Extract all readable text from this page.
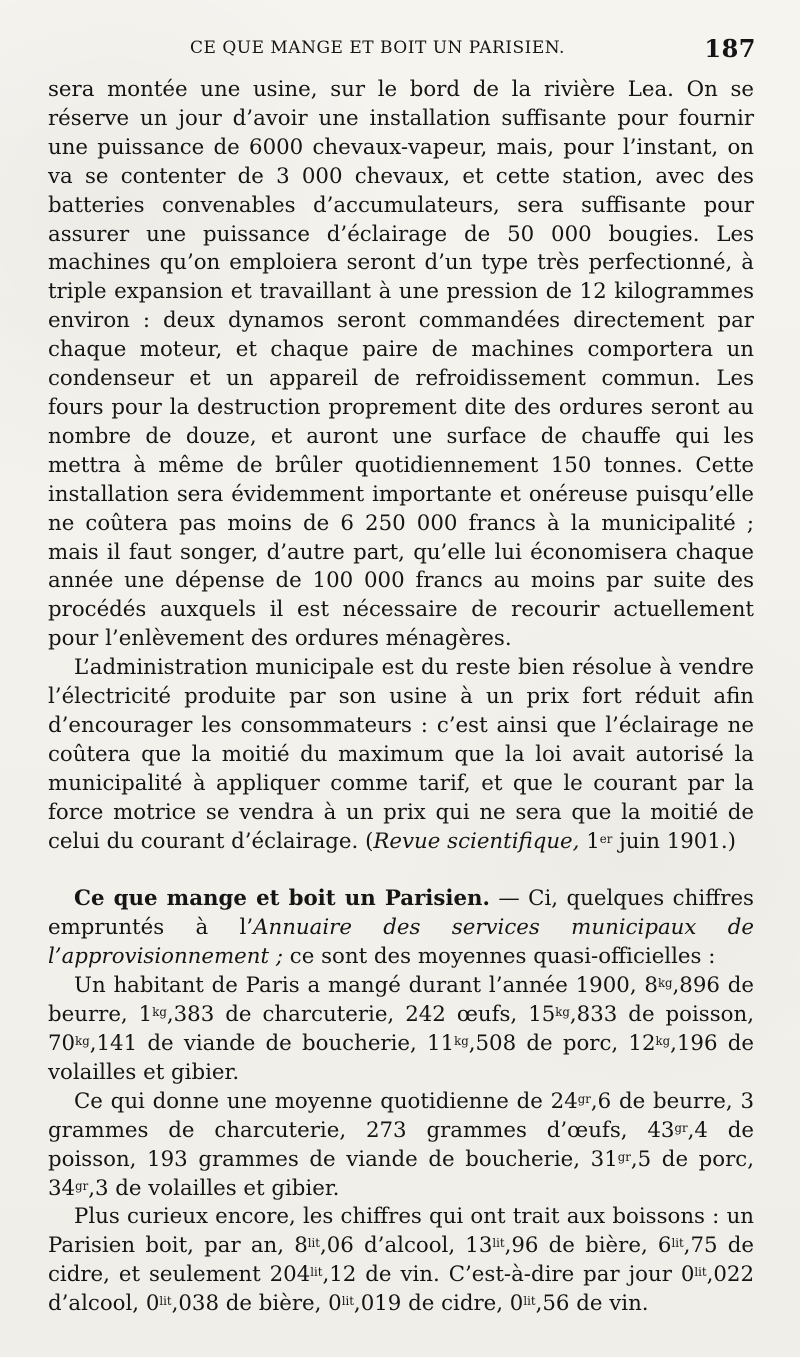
CE QUE MANGE ET BOIT UN PARISIEN.	187

sera montée une usine, sur le bord de la rivière Lea. On se réserve un jour d’avoir une installation suffisante pour fournir une puissance de 6000 chevaux-vapeur, mais, pour l’instant, on va se contenter de 3 000 chevaux, et cette station, avec des batteries convenables d’accumulateurs, sera suffisante pour assurer une puissance d’éclairage de 50 000 bougies. Les machines qu’on emploiera seront d’un type très perfectionné, à triple expansion et travaillant à une pression de 12 kilogrammes environ : deux dynamos seront commandées directement par chaque moteur, et chaque paire de machines comportera un condenseur et un appareil de refroidissement commun. Les fours pour la destruction proprement dite des ordures seront au nombre de douze, et auront une surface de chauffe qui les mettra à même de brûler quotidiennement 150 tonnes. Cette installation sera évidemment importante et onéreuse puisqu’elle ne coûtera pas moins de 6 250 000 francs à la municipalité ; mais il faut songer, d’autre part, qu’elle lui économisera chaque année une dépense de 100 000 francs au moins par suite des procédés auxquels il est nécessaire de recourir actuellement pour l’enlèvement des ordures ménagères.

L’administration municipale est du reste bien résolue à vendre l’électricité produite par son usine à un prix fort réduit afin d’encourager les consommateurs : c’est ainsi que l’éclairage ne coûtera que la moitié du maximum que la loi avait autorisé la municipalité à appliquer comme tarif, et que le courant par la force motrice se vendra à un prix qui ne sera que la moitié de celui du courant d’éclairage. (Revue scientifique, 1er juin 1901.)

Ce que mange et boit un Parisien. — Ci, quelques chiffres empruntés à l’Annuaire des services municipaux de l’approvisionnement ; ce sont des moyennes quasi-officielles :

Un habitant de Paris a mangé durant l’année 1900, $8^{kg},896$ de beurre, $1^{kg},383$ de charcuterie, 242 œufs, $15^{kg},833$ de poisson, $70^{kg},141$ de viande de boucherie, $11^{kg},508$ de porc, $12^{kg},196$ de volailles et gibier.

Ce qui donne une moyenne quotidienne de $24^{gr},6$ de beurre, 3 grammes de charcuterie, 273 grammes d’œufs, $43^{gr},4$ de poisson, 193 grammes de viande de boucherie, $31^{gr},5$ de porc, $34^{gr},3$ de volailles et gibier.

Plus curieux encore, les chiffres qui ont trait aux boissons : un Parisien boit, par an, $8^{lit},06$ d’alcool, $13^{lit},96$ de bière, $6^{lit},75$ de cidre, et seulement $204^{lit},12$ de vin. C’est-à-dire par jour $0^{lit},022$ d’alcool, $0^{lit},038$ de bière, $0^{lit},019$ de cidre, $0^{lit},56$ de vin.
